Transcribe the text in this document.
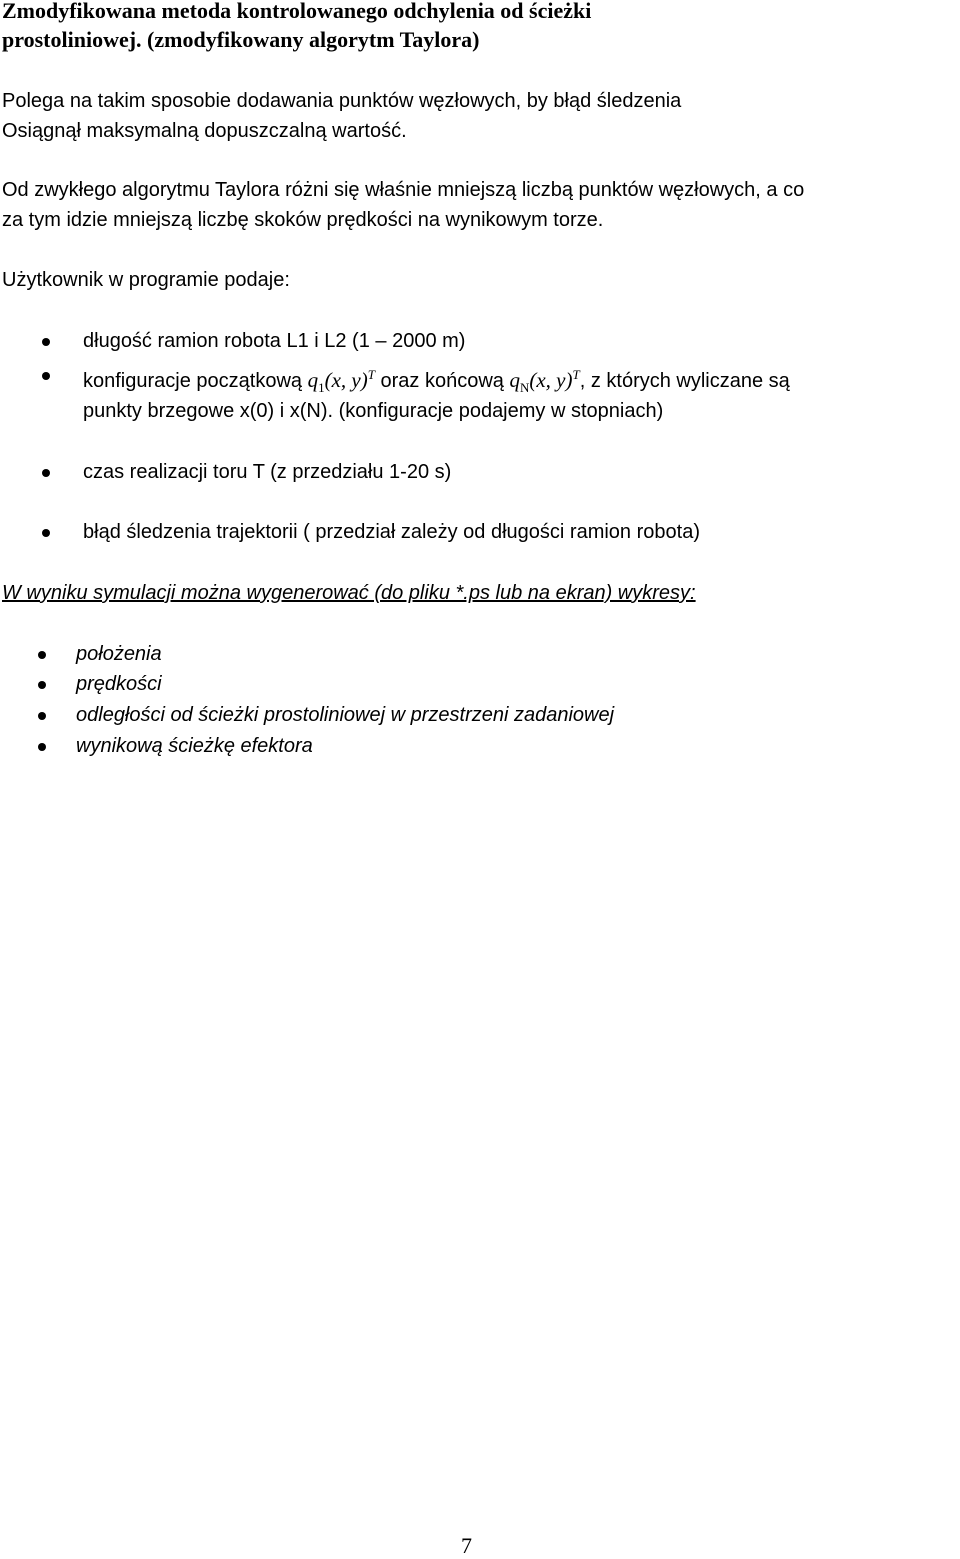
Zmodyfikowana metoda kontrolowanego odchylenia od ścieżki
prostoliniowej. (zmodyfikowany algorytm Taylora)
Polega na takim sposobie dodawania punktów węzłowych, by błąd śledzenia
Osiągnął maksymalną dopuszczalną wartość.
Od zwykłego algorytmu Taylora różni się właśnie mniejszą liczbą punktów węzłowych, a co
za tym idzie mniejszą liczbę skoków prędkości na wynikowym torze.
Użytkownik w programie podaje:
długość ramion robota L1 i L2 (1 – 2000 m)
konfiguracje początkową $q_1(x$, y)$^T$ oraz końcową $q_N(x$, y)$^T$, z których wyliczane są
punkty brzegowe x(0) i x(N). (konfiguracje podajemy w stopniach)
czas realizacji toru T (z przedziału 1-20 s)
błąd śledzenia trajektorii ( przedział zależy od długości ramion robota)
W wyniku symulacji można wygenerować (do pliku *.ps lub na ekran) wykresy:
położenia
prędkości
odległości od ścieżki prostoliniowej w przestrzeni zadaniowej
wynikową ścieżkę efektora
7
